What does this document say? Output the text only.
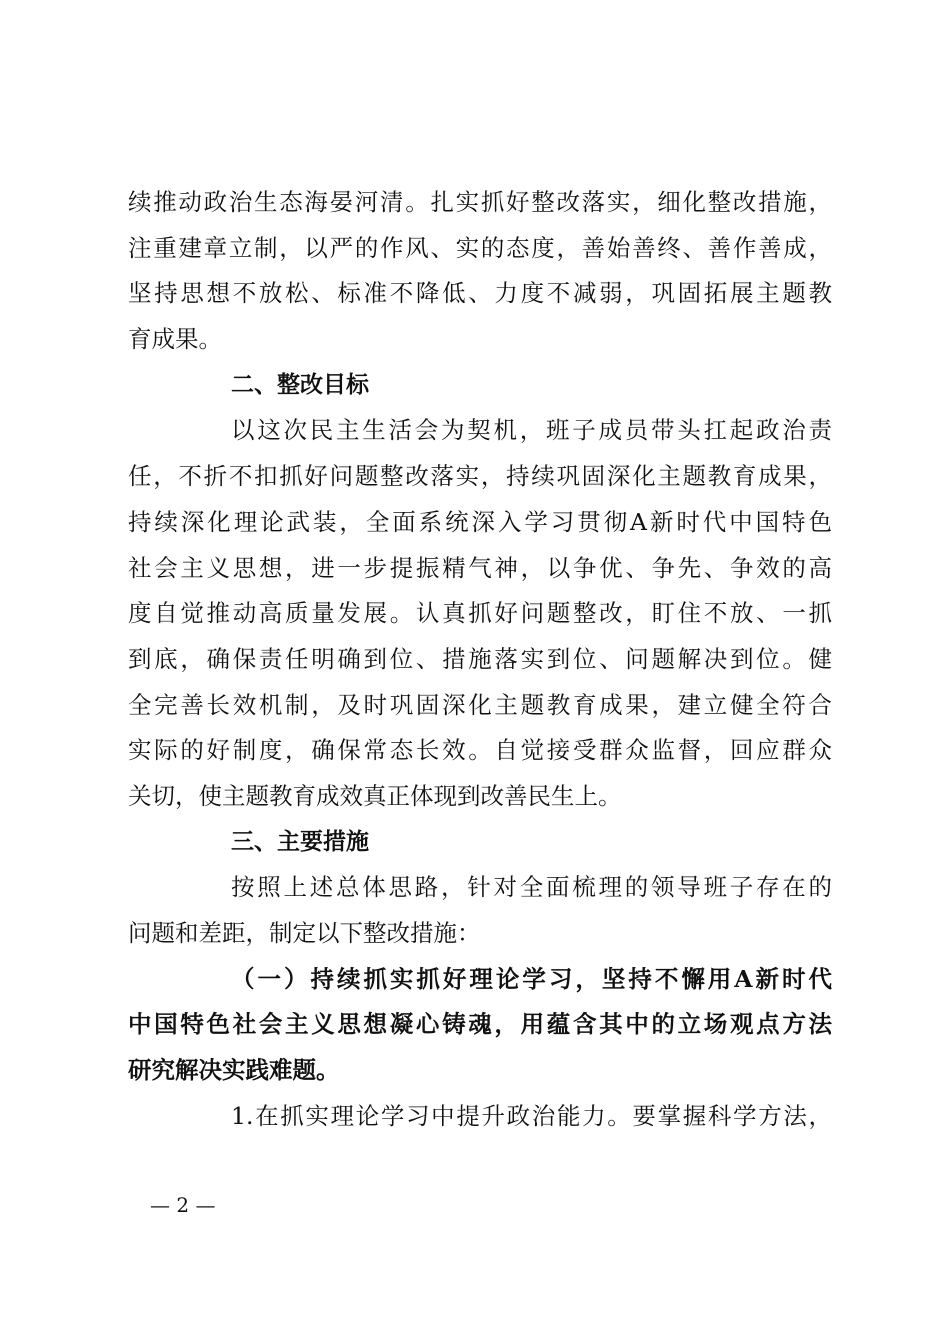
续推动政治生态海晏河清。扎实抓好整改落实，细化整改措施，
注重建章立制，以严的作风、实的态度，善始善终、善作善成，
坚持思想不放松、标准不降低、力度不减弱，巩固拓展主题教
育成果。
二、整改目标
以这次民主生活会为契机，班子成员带头扛起政治责
任，不折不扣抓好问题整改落实，持续巩固深化主题教育成果，
持续深化理论武装，全面系统深入学习贯彻A新时代中国特色
社会主义思想，进一步提振精气神，以争优、争先、争效的高
度自觉推动高质量发展。认真抓好问题整改，盯住不放、一抓
到底，确保责任明确到位、措施落实到位、问题解决到位。健
全完善长效机制，及时巩固深化主题教育成果，建立健全符合
实际的好制度，确保常态长效。自觉接受群众监督，回应群众
关切，使主题教育成效真正体现到改善民生上。
三、主要措施
按照上述总体思路，针对全面梳理的领导班子存在的
问题和差距，制定以下整改措施：
（一）持续抓实抓好理论学习，坚持不懈用A新时代
中国特色社会主义思想凝心铸魂，用蕴含其中的立场观点方法
研究解决实践难题。
1.在抓实理论学习中提升政治能力。要掌握科学方法，
— 2 —
